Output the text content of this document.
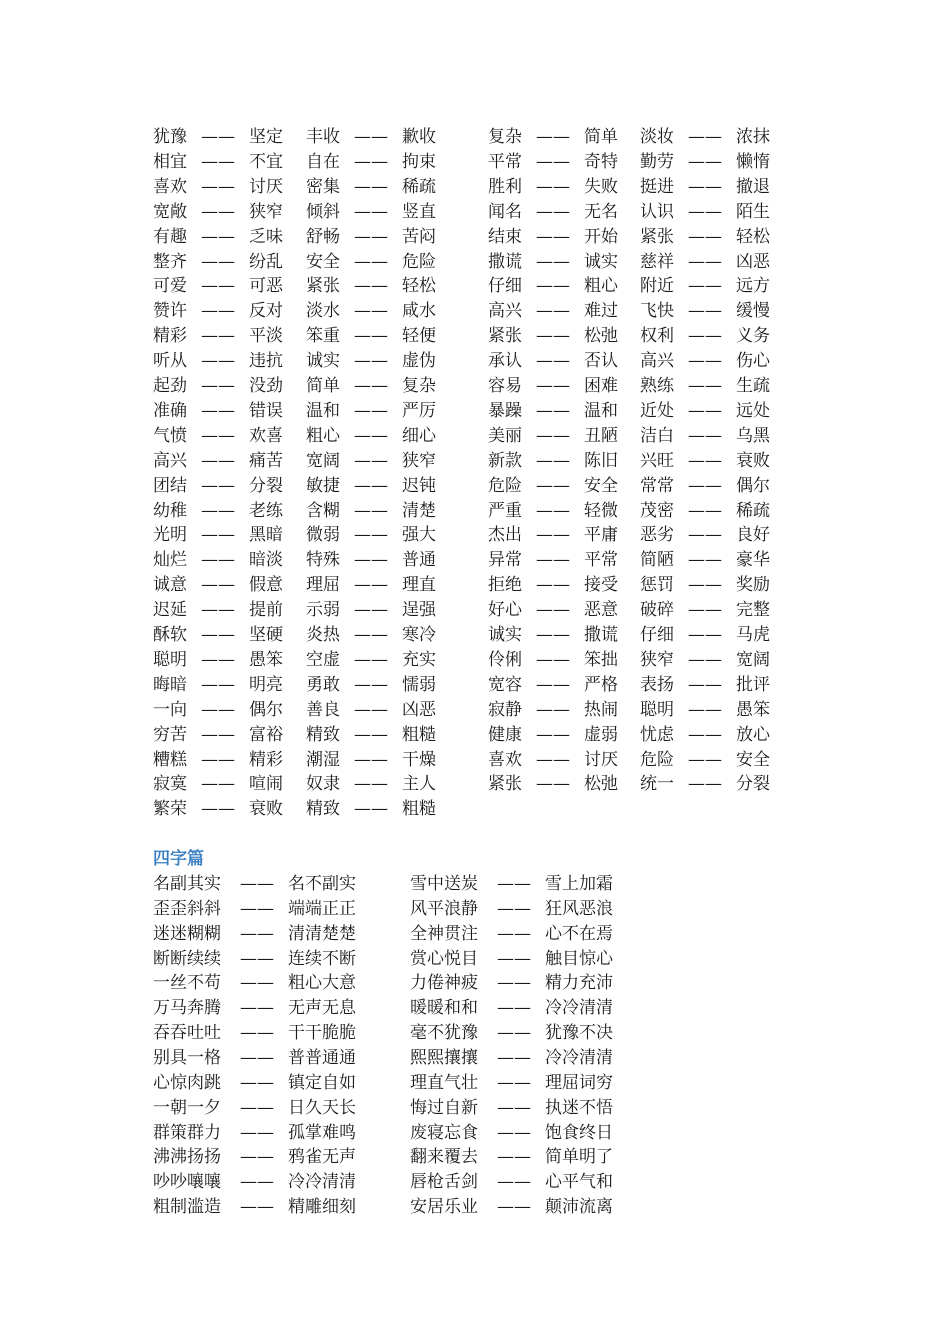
犹豫 —— 坚定 丰收 —— 歉收	复杂 —— 简单 淡妆 —— 浓抹
相宜 —— 不宜 自在 —— 拘束	平常 —— 奇特 勤劳 —— 懒惰
喜欢 —— 讨厌 密集 —— 稀疏	胜利 —— 失败 挺进 —— 撤退
宽敞 —— 狭窄 倾斜 —— 竖直	闻名 —— 无名 认识 —— 陌生
有趣 —— 乏味 舒畅 —— 苦闷	结束 —— 开始 紧张 —— 轻松
整齐 —— 纷乱 安全 —— 危险	撒谎 —— 诚实 慈祥 —— 凶恶
可爱 —— 可恶 紧张 —— 轻松	仔细 —— 粗心 附近 —— 远方
赞许 —— 反对 淡水 —— 咸水	高兴 —— 难过 飞快 —— 缓慢
精彩 —— 平淡 笨重 —— 轻便	紧张 —— 松弛 权利 —— 义务
听从 —— 违抗 诚实 —— 虚伪	承认 —— 否认 高兴 —— 伤心
起劲 —— 没劲 简单 —— 复杂	容易 —— 困难 熟练 —— 生疏
准确 —— 错误 温和 —— 严厉	暴躁 —— 温和 近处 —— 远处
气愤 —— 欢喜 粗心 —— 细心	美丽 —— 丑陋 洁白 —— 乌黑
高兴 —— 痛苦 宽阔 —— 狭窄	新款 —— 陈旧 兴旺 —— 衰败
团结 —— 分裂 敏捷 —— 迟钝	危险 —— 安全 常常 —— 偶尔
幼稚 —— 老练 含糊 —— 清楚	严重 —— 轻微 茂密 —— 稀疏
光明 —— 黑暗 微弱 —— 强大	杰出 —— 平庸 恶劣 —— 良好
灿烂 —— 暗淡 特殊 —— 普通	异常 —— 平常 简陋 —— 豪华
诚意 —— 假意 理屈 —— 理直	拒绝 —— 接受 惩罚 —— 奖励
迟延 —— 提前 示弱 —— 逞强	好心 —— 恶意 破碎 —— 完整
酥软 —— 坚硬 炎热 —— 寒冷	诚实 —— 撒谎 仔细 —— 马虎
聪明 —— 愚笨 空虚 —— 充实	伶俐 —— 笨拙 狭窄 —— 宽阔
晦暗 —— 明亮 勇敢 —— 懦弱	宽容 —— 严格 表扬 —— 批评
一向 —— 偶尔 善良 —— 凶恶	寂静 —— 热闹 聪明 —— 愚笨
穷苦 —— 富裕 精致 —— 粗糙	健康 —— 虚弱 忧虑 —— 放心
糟糕 —— 精彩 潮湿 —— 干燥	喜欢 —— 讨厌 危险 —— 安全
寂寞 —— 喧闹 奴隶 —— 主人	紧张 —— 松弛 统一 —— 分裂
繁荣 —— 衰败 精致 —— 粗糙
四字篇
名副其实 —— 名不副实	雪中送炭 —— 雪上加霜
歪歪斜斜 —— 端端正正	风平浪静 —— 狂风恶浪
迷迷糊糊 —— 清清楚楚	全神贯注 —— 心不在焉
断断续续 —— 连续不断	赏心悦目 —— 触目惊心
一丝不苟 —— 粗心大意	力倦神疲 —— 精力充沛
万马奔腾 —— 无声无息	暖暖和和 —— 冷冷清清
吞吞吐吐 —— 干干脆脆	毫不犹豫 —— 犹豫不决
别具一格 —— 普普通通	熙熙攘攘 —— 冷冷清清
心惊肉跳 —— 镇定自如	理直气壮 —— 理屈词穷
一朝一夕 —— 日久天长	悔过自新 —— 执迷不悟
群策群力 —— 孤掌难鸣	废寝忘食 —— 饱食终日
沸沸扬扬 —— 鸦雀无声	翻来覆去 —— 简单明了
吵吵嚷嚷 —— 冷冷清清	唇枪舌剑 —— 心平气和
粗制滥造 —— 精雕细刻	安居乐业 —— 颠沛流离
